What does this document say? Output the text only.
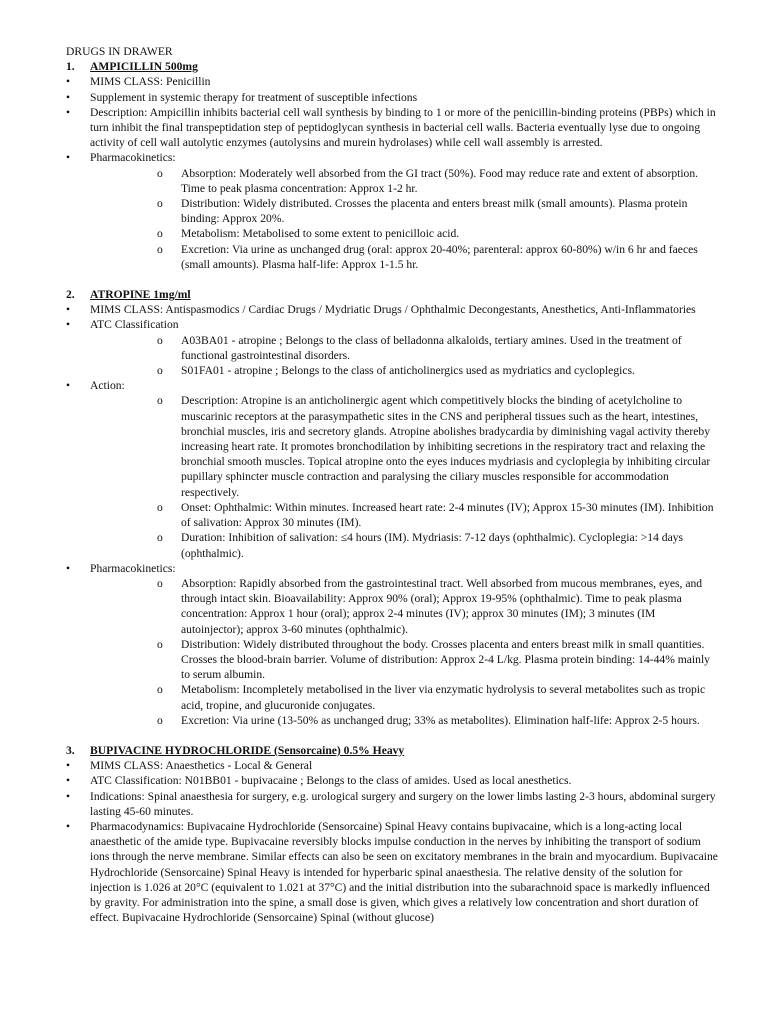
DRUGS IN DRAWER
1. AMPICILLIN 500mg
• MIMS CLASS: Penicillin
• Supplement in systemic therapy for treatment of susceptible infections
• Description: Ampicillin inhibits bacterial cell wall synthesis by binding to 1 or more of the penicillin-binding proteins (PBPs) which in turn inhibit the final transpeptidation step of peptidoglycan synthesis in bacterial cell walls. Bacteria eventually lyse due to ongoing activity of cell wall autolytic enzymes (autolysins and murein hydrolases) while cell wall assembly is arrested.
• Pharmacokinetics:
o Absorption: Moderately well absorbed from the GI tract (50%). Food may reduce rate and extent of absorption. Time to peak plasma concentration: Approx 1-2 hr.
o Distribution: Widely distributed. Crosses the placenta and enters breast milk (small amounts). Plasma protein binding: Approx 20%.
o Metabolism: Metabolised to some extent to penicilloic acid.
o Excretion: Via urine as unchanged drug (oral: approx 20-40%; parenteral: approx 60-80%) w/in 6 hr and faeces (small amounts). Plasma half-life: Approx 1-1.5 hr.
2. ATROPINE 1mg/ml
• MIMS CLASS: Antispasmodics / Cardiac Drugs / Mydriatic Drugs / Ophthalmic Decongestants, Anesthetics, Anti-Inflammatories
• ATC Classification
o A03BA01 - atropine ; Belongs to the class of belladonna alkaloids, tertiary amines. Used in the treatment of functional gastrointestinal disorders.
o S01FA01 - atropine ; Belongs to the class of anticholinergics used as mydriatics and cycloplegics.
• Action:
o Description: Atropine is an anticholinergic agent which competitively blocks the binding of acetylcholine to muscarinic receptors at the parasympathetic sites in the CNS and peripheral tissues such as the heart, intestines, bronchial muscles, iris and secretory glands. Atropine abolishes bradycardia by diminishing vagal activity thereby increasing heart rate. It promotes bronchodilation by inhibiting secretions in the respiratory tract and relaxing the bronchial smooth muscles. Topical atropine onto the eyes induces mydriasis and cycloplegia by inhibiting circular pupillary sphincter muscle contraction and paralysing the ciliary muscles responsible for accommodation respectively.
o Onset: Ophthalmic: Within minutes. Increased heart rate: 2-4 minutes (IV); Approx 15-30 minutes (IM). Inhibition of salivation: Approx 30 minutes (IM).
o Duration: Inhibition of salivation: ≤4 hours (IM). Mydriasis: 7-12 days (ophthalmic). Cycloplegia: >14 days (ophthalmic).
• Pharmacokinetics:
o Absorption: Rapidly absorbed from the gastrointestinal tract. Well absorbed from mucous membranes, eyes, and through intact skin. Bioavailability: Approx 90% (oral); Approx 19-95% (ophthalmic). Time to peak plasma concentration: Approx 1 hour (oral); approx 2-4 minutes (IV); approx 30 minutes (IM); 3 minutes (IM autoinjector); approx 3-60 minutes (ophthalmic).
o Distribution: Widely distributed throughout the body. Crosses placenta and enters breast milk in small quantities. Crosses the blood-brain barrier. Volume of distribution: Approx 2-4 L/kg. Plasma protein binding: 14-44% mainly to serum albumin.
o Metabolism: Incompletely metabolised in the liver via enzymatic hydrolysis to several metabolites such as tropic acid, tropine, and glucuronide conjugates.
o Excretion: Via urine (13-50% as unchanged drug; 33% as metabolites). Elimination half-life: Approx 2-5 hours.
3. BUPIVACINE HYDROCHLORIDE (Sensorcaine) 0.5% Heavy
• MIMS CLASS: Anaesthetics - Local & General
• ATC Classification: N01BB01 - bupivacaine ; Belongs to the class of amides. Used as local anesthetics.
• Indications: Spinal anaesthesia for surgery, e.g. urological surgery and surgery on the lower limbs lasting 2-3 hours, abdominal surgery lasting 45-60 minutes.
• Pharmacodynamics: Bupivacaine Hydrochloride (Sensorcaine) Spinal Heavy contains bupivacaine, which is a long-acting local anaesthetic of the amide type. Bupivacaine reversibly blocks impulse conduction in the nerves by inhibiting the transport of sodium ions through the nerve membrane. Similar effects can also be seen on excitatory membranes in the brain and myocardium. Bupivacaine Hydrochloride (Sensorcaine) Spinal Heavy is intended for hyperbaric spinal anaesthesia. The relative density of the solution for injection is 1.026 at 20°C (equivalent to 1.021 at 37°C) and the initial distribution into the subarachnoid space is markedly influenced by gravity. For administration into the spine, a small dose is given, which gives a relatively low concentration and short duration of effect. Bupivacaine Hydrochloride (Sensorcaine) Spinal (without glucose)
